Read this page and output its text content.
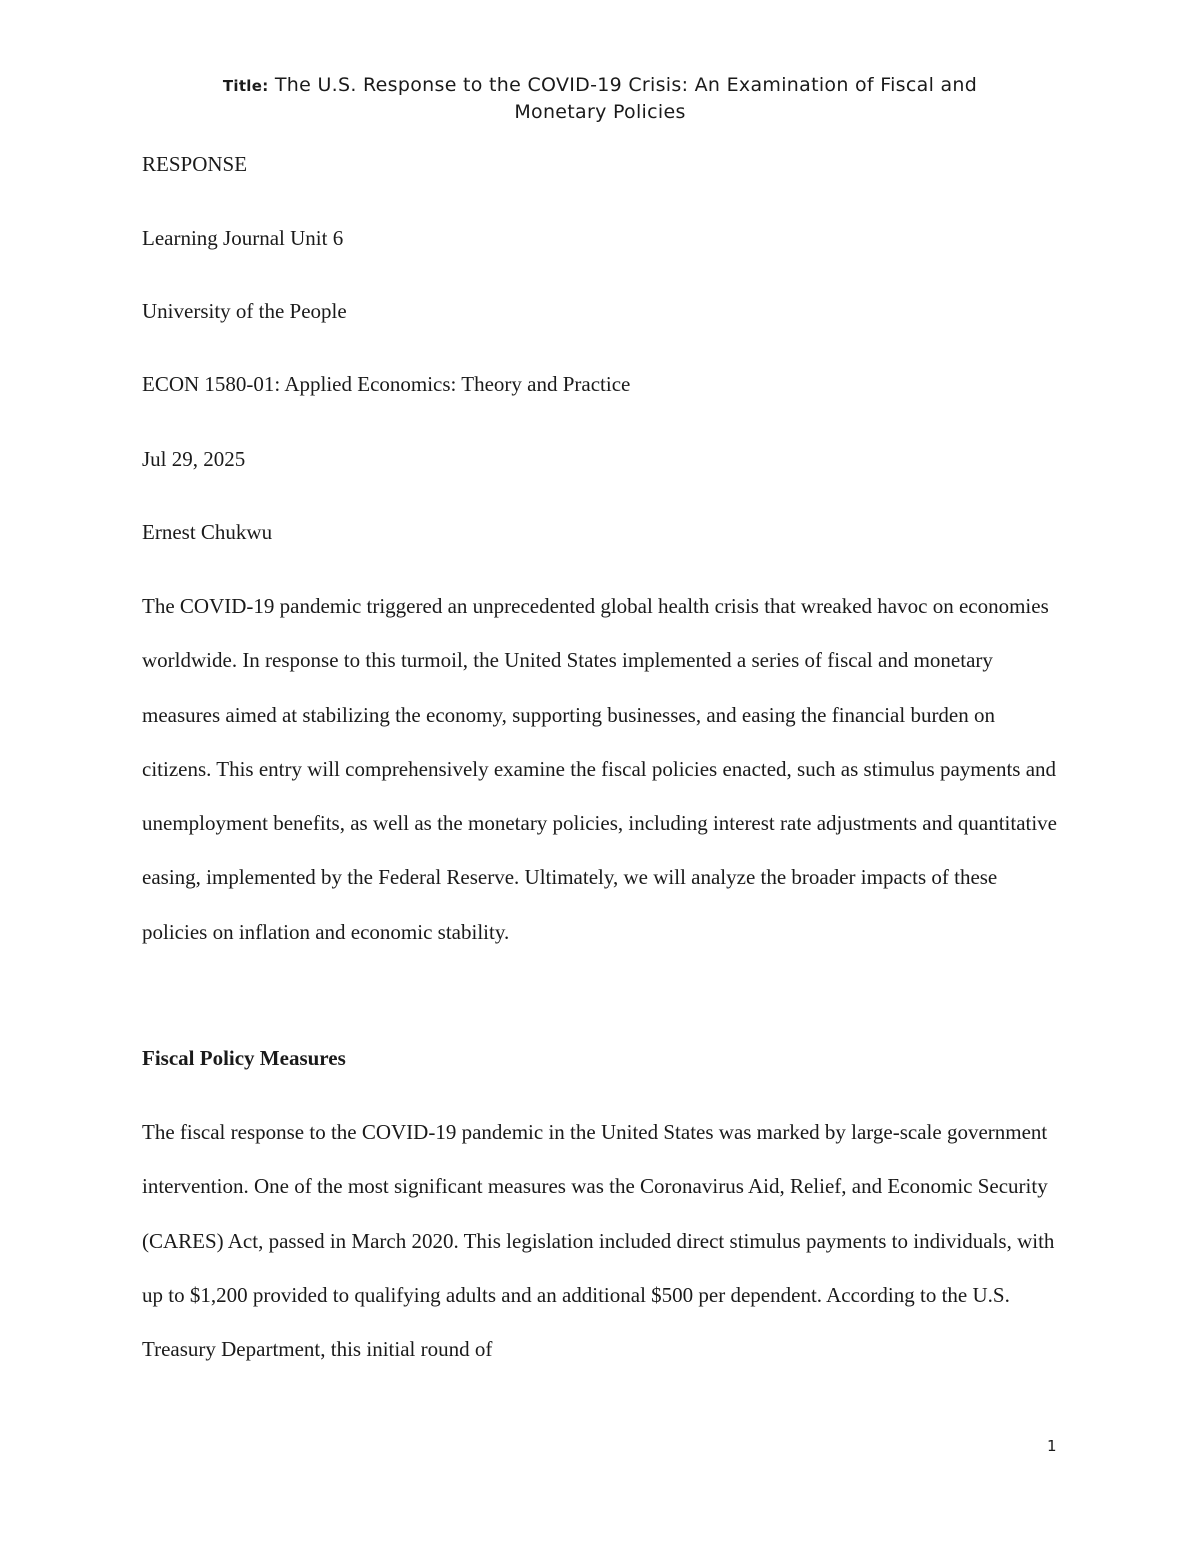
Title: The U.S. Response to the COVID-19 Crisis: An Examination of Fiscal and
Monetary Policies
RESPONSE
Learning Journal Unit 6
University of the People
ECON 1580-01: Applied Economics: Theory and Practice
Jul 29, 2025
Ernest Chukwu
The COVID-19 pandemic triggered an unprecedented global health crisis that wreaked havoc on economies worldwide. In response to this turmoil, the United States implemented a series of fiscal and monetary measures aimed at stabilizing the economy, supporting businesses, and easing the financial burden on citizens. This entry will comprehensively examine the fiscal policies enacted, such as stimulus payments and unemployment benefits, as well as the monetary policies, including interest rate adjustments and quantitative easing, implemented by the Federal Reserve. Ultimately, we will analyze the broader impacts of these policies on inflation and economic stability.
Fiscal Policy Measures
The fiscal response to the COVID-19 pandemic in the United States was marked by large-scale government intervention. One of the most significant measures was the Coronavirus Aid, Relief, and Economic Security (CARES) Act, passed in March 2020. This legislation included direct stimulus payments to individuals, with up to $1,200 provided to qualifying adults and an additional $500 per dependent. According to the U.S. Treasury Department, this initial round of
1
